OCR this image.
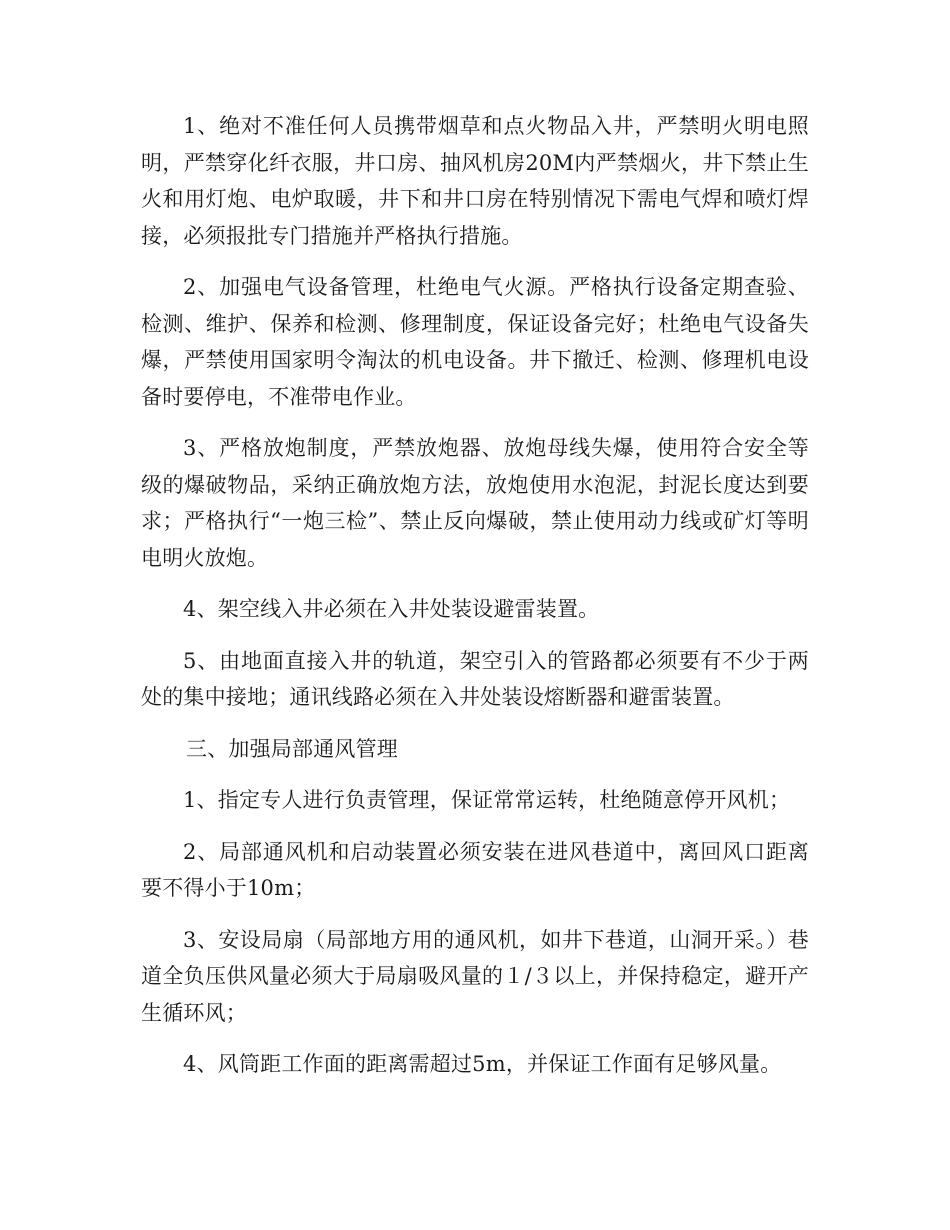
1、绝对不准任何人员携带烟草和点火物品入井，严禁明火明电照明，严禁穿化纤衣服，井口房、抽风机房20M内严禁烟火，井下禁止生火和用灯炮、电炉取暖，井下和井口房在特别情况下需电气焊和喷灯焊接，必须报批专门措施并严格执行措施。

2、加强电气设备管理，杜绝电气火源。严格执行设备定期查验、检测、维护、保养和检测、修理制度，保证设备完好；杜绝电气设备失爆，严禁使用国家明令淘汰的机电设备。井下撤迁、检测、修理机电设备时要停电，不准带电作业。

3、严格放炮制度，严禁放炮器、放炮母线失爆，使用符合安全等级的爆破物品，采纳正确放炮方法，放炮使用水泡泥，封泥长度达到要求；严格执行“一炮三检”、禁止反向爆破，禁止使用动力线或矿灯等明电明火放炮。

4、架空线入井必须在入井处装设避雷装置。

5、由地面直接入井的轨道，架空引入的管路都必须要有不少于两处的集中接地；通讯线路必须在入井处装设熔断器和避雷装置。

三、加强局部通风管理

1、指定专人进行负责管理，保证常常运转，杜绝随意停开风机；

2、局部通风机和启动装置必须安装在进风巷道中，离回风口距离要不得小于10m；

3、安设局扇（局部地方用的通风机，如井下巷道，山洞开采。）巷道全负压供风量必须大于局扇吸风量的１/３以上，并保持稳定，避开产生循环风；

4、风筒距工作面的距离需超过5m，并保证工作面有足够风量。
